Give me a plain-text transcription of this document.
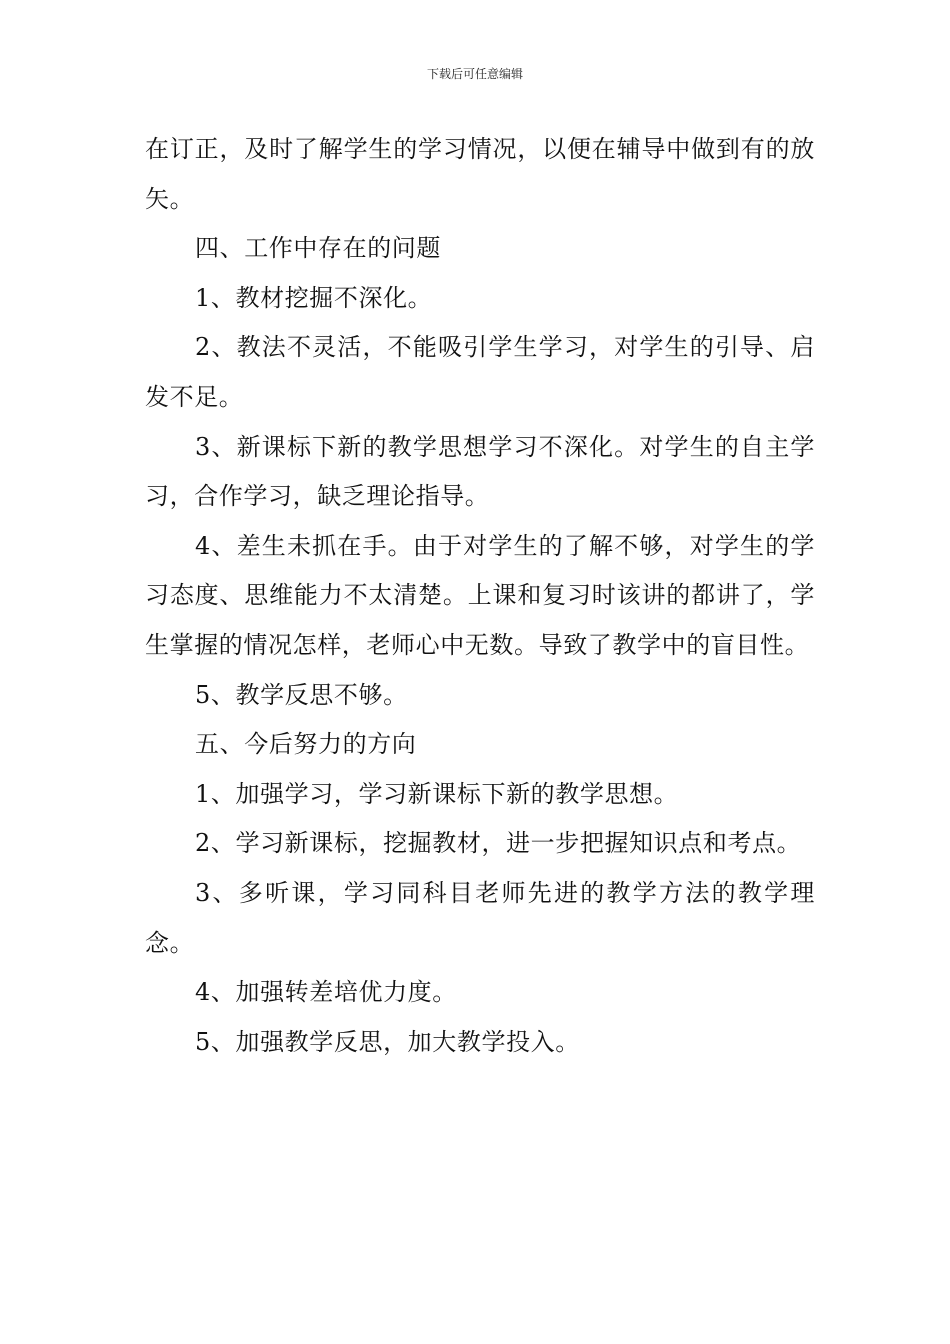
下载后可任意编辑

在订正，及时了解学生的学习情况，以便在辅导中做到有的放矢。

四、工作中存在的问题

1、教材挖掘不深化。

2、教法不灵活，不能吸引学生学习，对学生的引导、启发不足。

3、新课标下新的教学思想学习不深化。对学生的自主学习，合作学习，缺乏理论指导。

4、差生未抓在手。由于对学生的了解不够，对学生的学习态度、思维能力不太清楚。上课和复习时该讲的都讲了，学生掌握的情况怎样，老师心中无数。导致了教学中的盲目性。

5、教学反思不够。

五、今后努力的方向

1、加强学习，学习新课标下新的教学思想。

2、学习新课标，挖掘教材，进一步把握知识点和考点。

3、多听课，学习同科目老师先进的教学方法的教学理念。

4、加强转差培优力度。

5、加强教学反思，加大教学投入。
